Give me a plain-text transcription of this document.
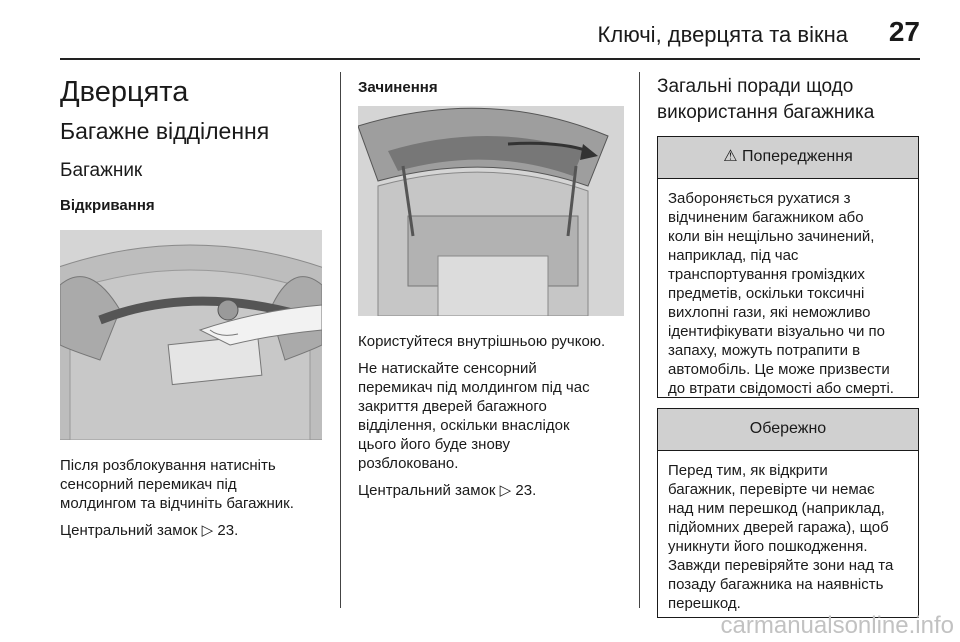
Ключі, дверцята та вікна 27
Дверцята
Багажне відділення
Багажник
Відкривання
Після розблокування натисніть
сенсорний перемикач під
молдингом та відчиніть багажник.
Центральний замок ▷ 23.
Зачинення
Користуйтеся внутрішньою ручкою.
Не натискайте сенсорний
перемикач під молдингом під час
закриття дверей багажного
відділення, оскільки внаслідок
цього його буде знову
розблоковано.
Центральний замок ▷ 23.
Загальні поради щодо
використання багажника
⚠ Попередження
Забороняється рухатися з
відчиненим багажником або
коли він нещільно зачинений,
наприклад, під час
транспортування громіздких
предметів, оскільки токсичні
вихлопні гази, які неможливо
ідентифікувати візуально чи по
запаху, можуть потрапити в
автомобіль. Це може призвести
до втрати свідомості або смерті.
Обережно
Перед тим, як відкрити
багажник, перевірте чи немає
над ним перешкод (наприклад,
підйомних дверей гаража), щоб
уникнути його пошкодження.
Завжди перевіряйте зони над та
позаду багажника на наявність
перешкод.
carmanualsonline.info
